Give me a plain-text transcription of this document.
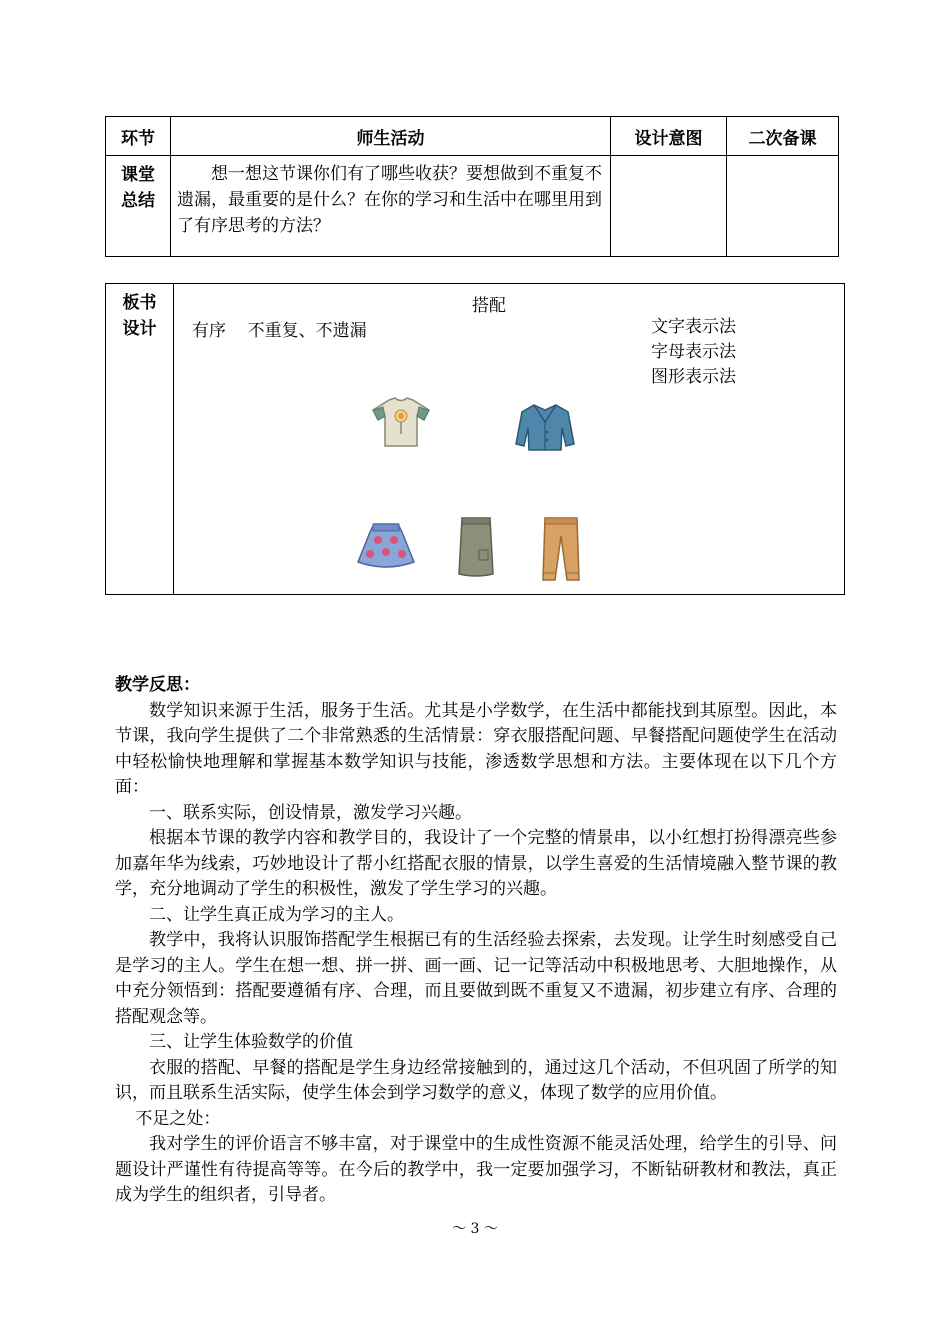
环节	师生活动	设计意图	二次备课

课堂
总结	想一想这节课你们有了哪些收获？要想做到不重复不遗漏，最重要的是什么？在你的学习和生活中在哪里用到了有序思考的方法？		
板书
设计
搭配
有序    不重复、不遗漏	文字表示法
字母表示法
图形表示法
教学反思：

数学知识来源于生活，服务于生活。尤其是小学数学，在生活中都能找到其原型。因此，本节课，我向学生提供了二个非常熟悉的生活情景：穿衣服搭配问题、早餐搭配问题使学生在活动中轻松愉快地理解和掌握基本数学知识与技能，渗透数学思想和方法。主要体现在以下几个方面：

一、联系实际，创设情景，激发学习兴趣。

根据本节课的教学内容和教学目的，我设计了一个完整的情景串，以小红想打扮得漂亮些参加嘉年华为线索，巧妙地设计了帮小红搭配衣服的情景，以学生喜爱的生活情境融入整节课的教学，充分地调动了学生的积极性，激发了学生学习的兴趣。

二、让学生真正成为学习的主人。

教学中，我将认识服饰搭配学生根据已有的生活经验去探索，去发现。让学生时刻感受自己是学习的主人。学生在想一想、拼一拼、画一画、记一记等活动中积极地思考、大胆地操作，从中充分领悟到：搭配要遵循有序、合理，而且要做到既不重复又不遗漏，初步建立有序、合理的搭配观念等。

三、让学生体验数学的价值

衣服的搭配、早餐的搭配是学生身边经常接触到的，通过这几个活动，不但巩固了所学的知识，而且联系生活实际，使学生体会到学习数学的意义，体现了数学的应用价值。

不足之处：

我对学生的评价语言不够丰富，对于课堂中的生成性资源不能灵活处理，给学生的引导、问题设计严谨性有待提高等等。在今后的教学中，我一定要加强学习，不断钻研教材和教法，真正成为学生的组织者，引导者。

～ 3 ～
